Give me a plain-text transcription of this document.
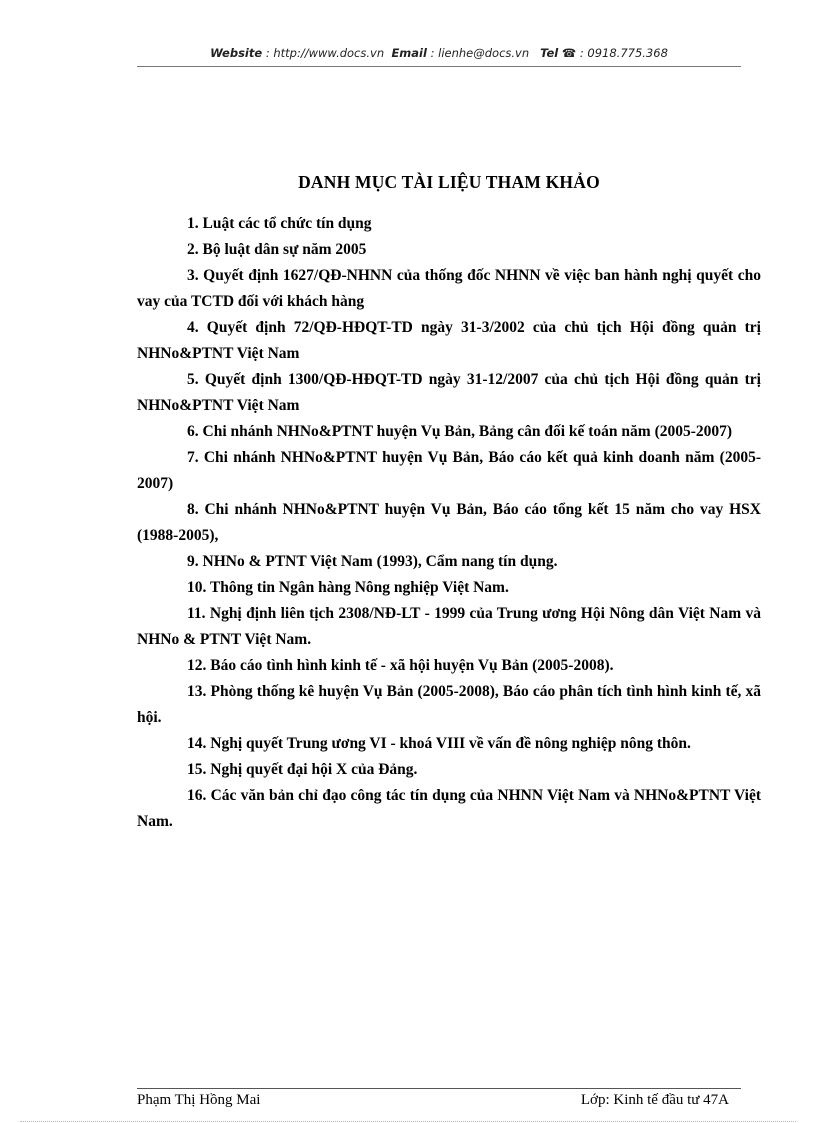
Website : http://www.docs.vn Email : lienhe@docs.vn Tel ☎ : 0918.775.368
DANH MỤC TÀI LIỆU THAM KHẢO
1. Luật các tổ chức tín dụng
2. Bộ luật dân sự năm 2005
3. Quyết định 1627/QĐ-NHNN của thống đốc NHNN về việc ban hành nghị quyết cho vay của TCTD đối với khách hàng
4. Quyết định 72/QĐ-HĐQT-TD ngày 31-3/2002 của chủ tịch Hội đồng quản trị NHNo&PTNT Việt Nam
5. Quyết định 1300/QĐ-HĐQT-TD ngày 31-12/2007 của chủ tịch Hội đồng quản trị NHNo&PTNT Việt Nam
6. Chi nhánh NHNo&PTNT huyện Vụ Bản, Bảng cân đối kế toán năm (2005-2007)
7. Chi nhánh NHNo&PTNT huyện Vụ Bản, Báo cáo kết quả kinh doanh năm (2005-2007)
8. Chi nhánh NHNo&PTNT huyện Vụ Bản, Báo cáo tổng kết 15 năm cho vay HSX (1988-2005),
9. NHNo & PTNT Việt Nam (1993), Cẩm nang tín dụng.
10. Thông tin Ngân hàng Nông nghiệp Việt Nam.
11. Nghị định liên tịch 2308/NĐ-LT - 1999 của Trung ương Hội Nông dân Việt Nam và NHNo & PTNT Việt Nam.
12. Báo cáo tình hình kinh tế - xã hội huyện Vụ Bản (2005-2008).
13. Phòng thống kê huyện Vụ Bản (2005-2008), Báo cáo phân tích tình hình kinh tế, xã hội.
14. Nghị quyết Trung ương VI - khoá VIII về vấn đề nông nghiệp nông thôn.
15. Nghị quyết đại hội X của Đảng.
16. Các văn bản chỉ đạo công tác tín dụng của NHNN Việt Nam và NHNo&PTNT Việt Nam.
Phạm Thị Hồng Mai	Lớp: Kinh tế đầu tư 47A
